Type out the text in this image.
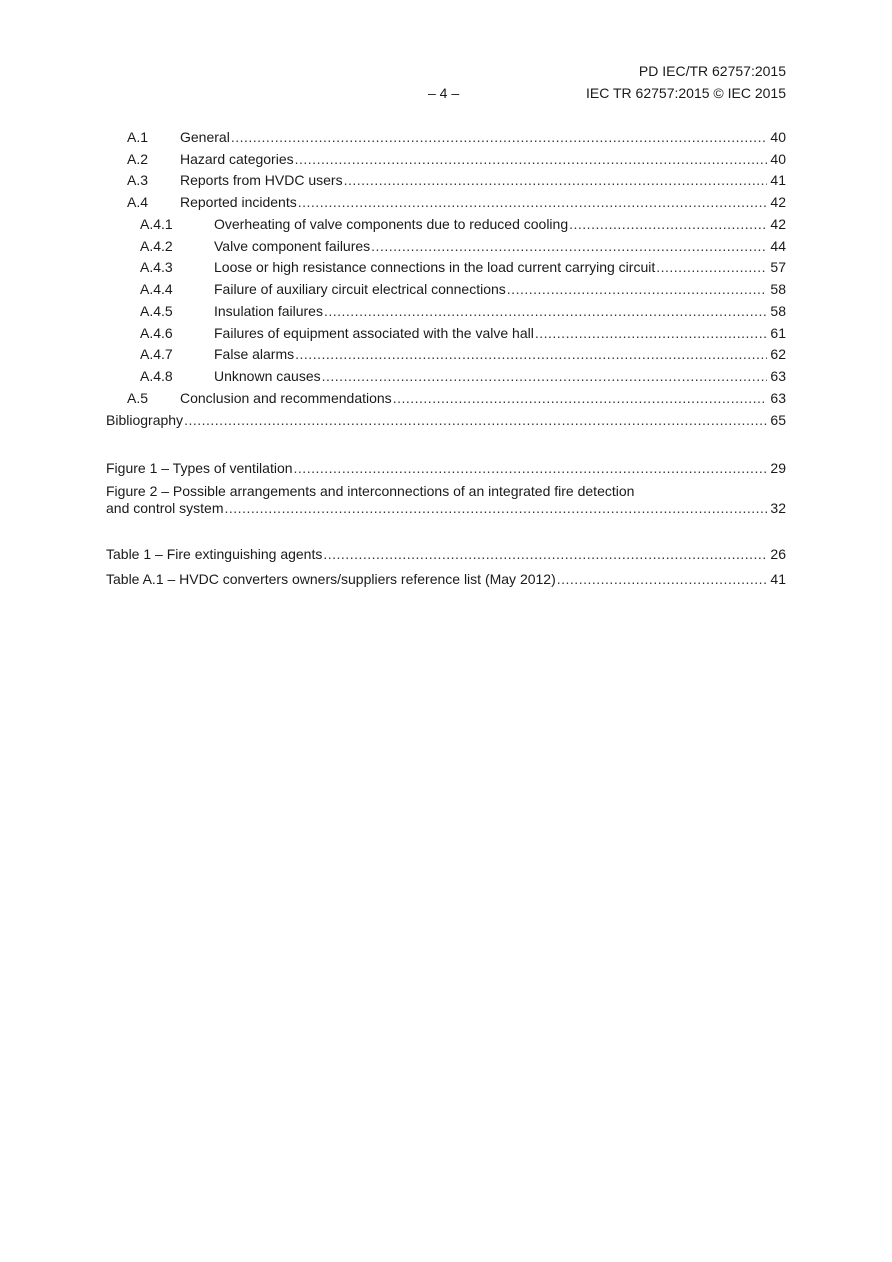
PD IEC/TR 62757:2015
– 4 –	IEC TR 62757:2015 © IEC 2015
A.1	General .....	40
A.2	Hazard categories .....	40
A.3	Reports from HVDC users .....	41
A.4	Reported incidents .....	42
A.4.1	Overheating of valve components due to reduced cooling .....	42
A.4.2	Valve component failures .....	44
A.4.3	Loose or high resistance connections in the load current carrying circuit .....	57
A.4.4	Failure of auxiliary circuit electrical connections .....	58
A.4.5	Insulation failures .....	58
A.4.6	Failures of equipment associated with the valve hall .....	61
A.4.7	False alarms .....	62
A.4.8	Unknown causes .....	63
A.5	Conclusion and recommendations .....	63
Bibliography .....	65
Figure 1 – Types of ventilation .....	29
Figure 2 – Possible arrangements and interconnections of an integrated fire detection
and control system .....	32
Table 1 – Fire extinguishing agents .....	26
Table A.1 – HVDC converters owners/suppliers reference list (May 2012) .....	41
